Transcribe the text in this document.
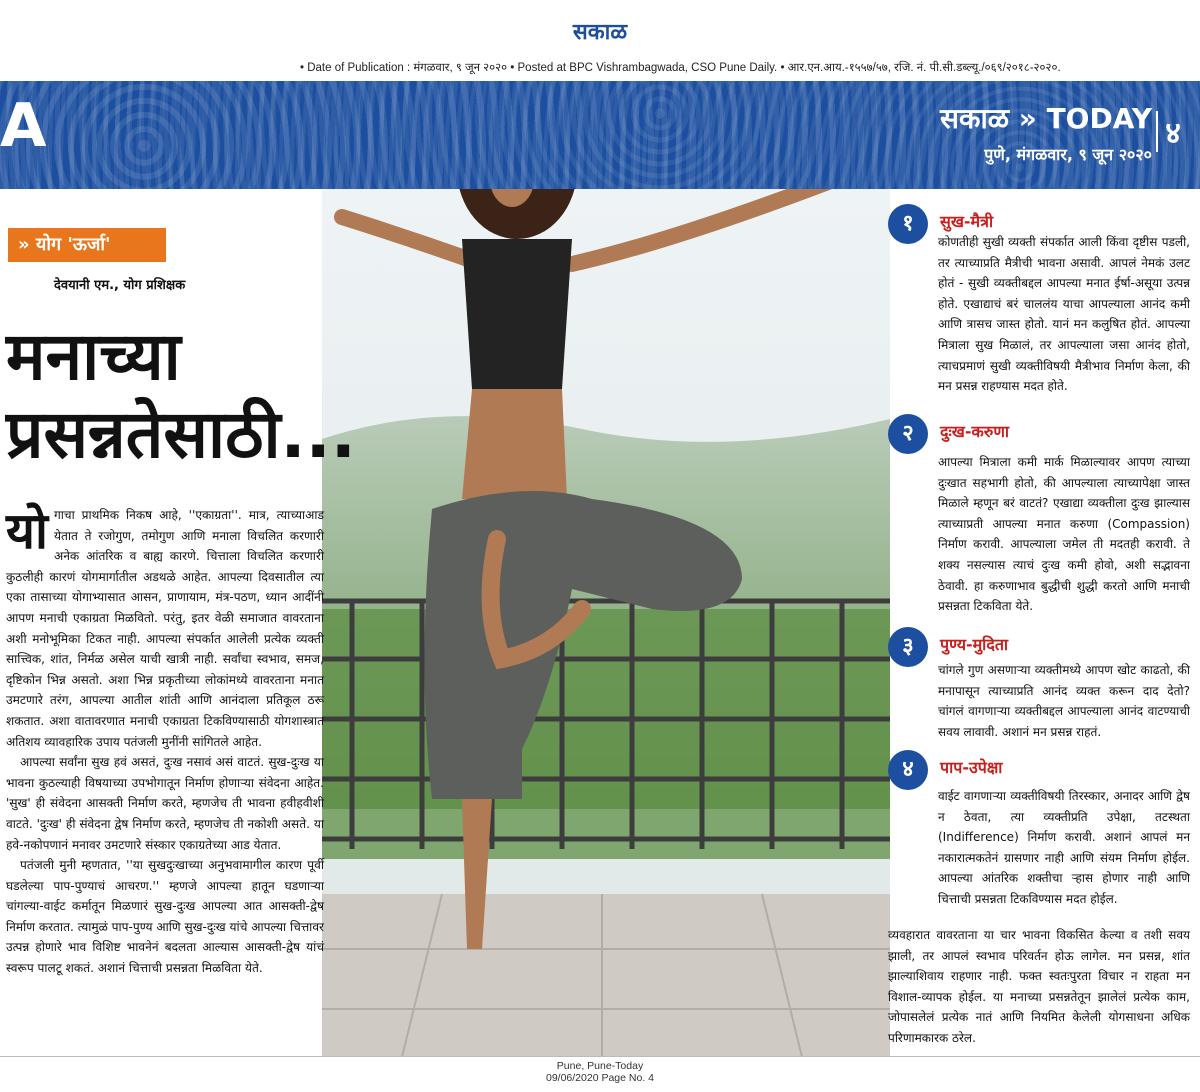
सकाळ
• Date of Publication : मंगळवार, ९ जून २०२० • Posted at BPC Vishrambagwada, CSO Pune Daily. • आर.एन.आय.-१५५७/५७, रजि. नं. पी.सी.डब्ल्यू./०६९/२०१८-२०२०.
A	सकाळ » TODAY
पुणे, मंगळवार, ९ जून २०२०
४
» योग 'ऊर्जा'
देवयानी एम., योग प्रशिक्षक
मनाच्या
प्रसन्नतेसाठी...

योगाचा प्राथमिक निकष आहे, ''एकाग्रता''. मात्र, त्याच्याआड येतात ते रजोगुण, तमोगुण आणि मनाला विचलित करणारी अनेक आंतरिक व बाह्य कारणे. चित्ताला विचलित करणारी कुठलीही कारणं योगमार्गातील अडथळे आहेत. आपल्या दिवसातील त्या एका तासाच्या योगाभ्यासात आसन, प्राणायाम, मंत्र-पठण, ध्यान आदींनी आपण मनाची एकाग्रता मिळवितो. परंतु, इतर वेळी समाजात वावरताना अशी मनोभूमिका टिकत नाही. आपल्या संपर्कात आलेली प्रत्येक व्यक्ती सात्त्विक, शांत, निर्मळ असेल याची खात्री नाही. सर्वांचा स्वभाव, समज, दृष्टिकोन भिन्न असतो. अशा भिन्न प्रकृतीच्या लोकांमध्ये वावरताना मनात उमटणारे तरंग, आपल्या आतील शांती आणि आनंदाला प्रतिकूल ठरू शकतात. अशा वातावरणात मनाची एकाग्रता टिकविण्यासाठी योगशास्त्रात अतिशय व्यावहारिक उपाय पतंजली मुनींनी सांगितले आहेत.

आपल्या सर्वांना सुख हवं असतं, दुःख नसावं असं वाटतं. सुख-दुःख या भावना कुठल्याही विषयाच्या उपभोगातून निर्माण होणाऱ्या संवेदना आहेत. 'सुख' ही संवेदना आसक्ती निर्माण करते, म्हणजेच ती भावना हवीहवीशी वाटते. 'दुःख' ही संवेदना द्वेष निर्माण करते, म्हणजेच ती नकोशी असते. या हवे-नकोपणानं मनावर उमटणारे संस्कार एकाग्रतेच्या आड येतात.

पतंजली मुनी म्हणतात, ''या सुखदुःखाच्या अनुभवामागील कारण पूर्वी घडलेल्या पाप-पुण्याचं आचरण.'' म्हणजे आपल्या हातून घडणाऱ्या चांगल्या-वाईट कर्मातून मिळणारं सुख-दुःख आपल्या आत आसक्ती-द्वेष निर्माण करतात. त्यामुळं पाप-पुण्य आणि सुख-दुःख यांचे आपल्या चित्तावर उत्पन्न होणारे भाव विशिष्ट भावनेनं बदलता आल्यास आसक्ती-द्वेष यांचं स्वरूप पालटू शकतं. अशानं चित्ताची प्रसन्नता मिळविता येते.

१	सुख-मैत्री
कोणतीही सुखी व्यक्ती संपर्कात आली किंवा दृष्टीस पडली, तर त्याच्याप्रति मैत्रीची भावना असावी. आपलं नेमकं उलट होतं - सुखी व्यक्तीबद्दल आपल्या मनात ईर्षा-असूया उत्पन्न होते. एखाद्याचं बरं चाललंय याचा आपल्याला आनंद कमी आणि त्रासच जास्त होतो. यानं मन कलुषित होतं. आपल्या मित्राला सुख मिळालं, तर आपल्याला जसा आनंद होतो, त्याचप्रमाणं सुखी व्यक्तीविषयी मैत्रीभाव निर्माण केला, की मन प्रसन्न राहण्यास मदत होते.
२	दुःख-करुणा
आपल्या मित्राला कमी मार्क मिळाल्यावर आपण त्याच्या दुःखात सहभागी होतो, की आपल्याला त्याच्यापेक्षा जास्त मिळाले म्हणून बरं वाटतं? एखाद्या व्यक्तीला दुःख झाल्यास त्याच्याप्रती आपल्या मनात करुणा (Compassion) निर्माण करावी. आपल्याला जमेल ती मदतही करावी. ते शक्य नसल्यास त्याचं दुःख कमी होवो, अशी सद्भावना ठेवावी. हा करुणाभाव बुद्धीची शुद्धी करतो आणि मनाची प्रसन्नता टिकविता येते.
३	पुण्य-मुदिता
चांगले गुण असणाऱ्या व्यक्तीमध्ये आपण खोट काढतो, की मनापासून त्याच्याप्रति आनंद व्यक्त करून दाद देतो? चांगलं वागणाऱ्या व्यक्तीबद्दल आपल्याला आनंद वाटण्याची सवय लावावी. अशानं मन प्रसन्न राहतं.
४	पाप-उपेक्षा
वाईट वागणाऱ्या व्यक्तीविषयी तिरस्कार, अनादर आणि द्वेष न ठेवता, त्या व्यक्तीप्रति उपेक्षा, तटस्थता (Indifference) निर्माण करावी. अशानं आपलं मन नकारात्मकतेनं ग्रासणार नाही आणि संयम निर्माण होईल. आपल्या आंतरिक शक्तीचा ऱ्हास होणार नाही आणि चित्ताची प्रसन्नता टिकविण्यास मदत होईल.
व्यवहारात वावरताना या चार भावना विकसित केल्या व तशी सवय झाली, तर आपलं स्वभाव परिवर्तन होऊ लागेल. मन प्रसन्न, शांत झाल्याशिवाय राहणार नाही. फक्त स्वतःपुरता विचार न राहता मन विशाल-व्यापक होईल. या मनाच्या प्रसन्नतेतून झालेलं प्रत्येक काम, जोपासलेलं प्रत्येक नातं आणि नियमित केलेली योगसाधना अधिक परिणामकारक ठरेल.
Pune, Pune-Today
09/06/2020 Page No. 4
